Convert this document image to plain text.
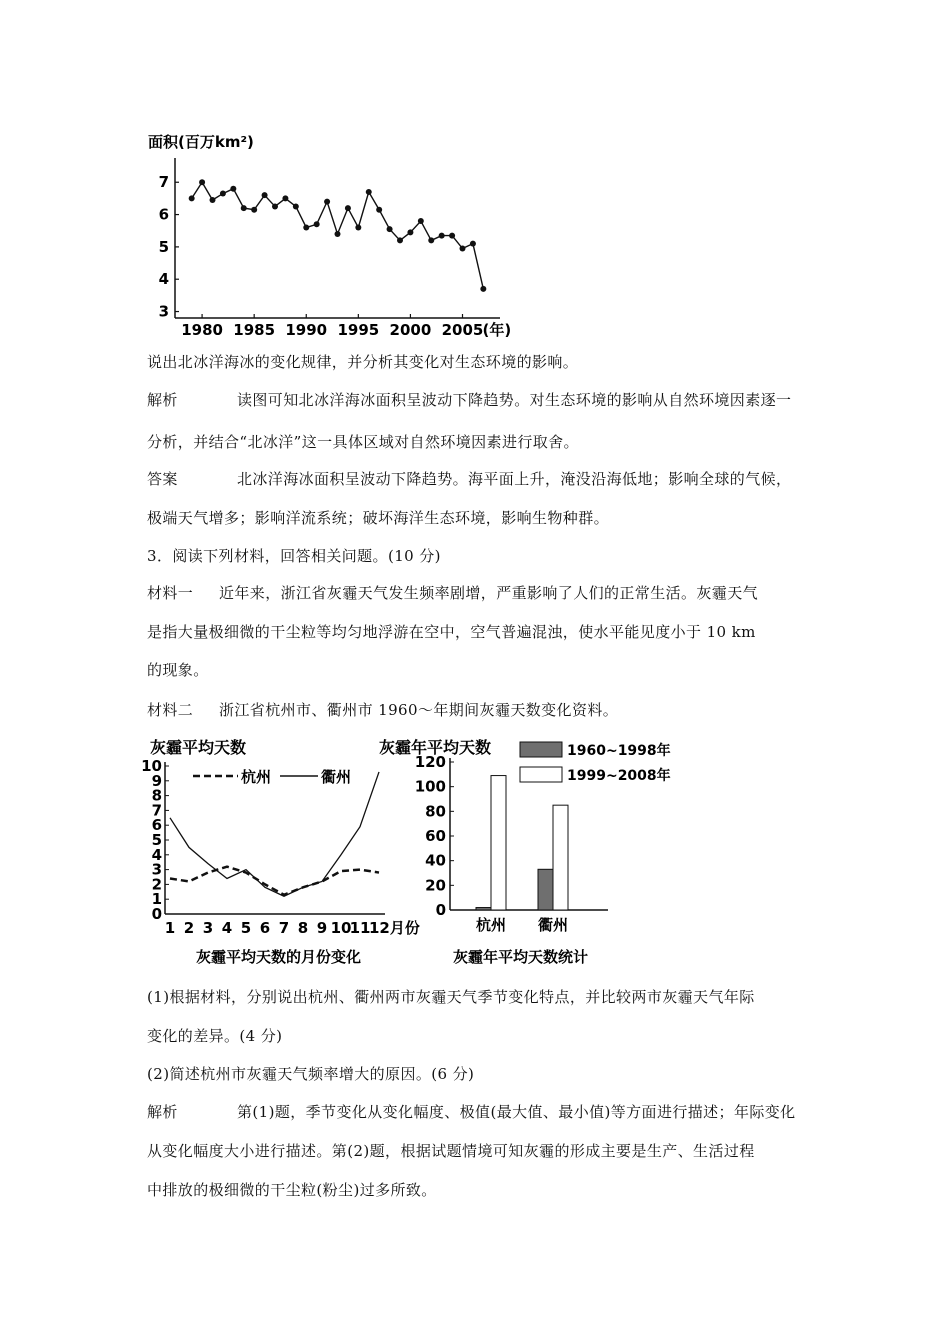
面积(百万km²)
3
4
5
6
7
1980 1985 1990 1995 2000 2005 (年)
灰霾平均天数
杭州	衢州
灰霾平均天数的月份变化
0
1
2
3
4
5
6
7
8
9
10
1 2 3 4 5 6 7 8 9 10
11
12月份
灰霾年平均天数	1960~1998年
1999~2008年
灰霾年平均天数统计
0
20
40
60
80
100
120
杭州 衢州
说出北冰洋海冰的变化规律，并分析其变化对生态环境的影响。
解析	读图可知北冰洋海冰面积呈波动下降趋势。对生态环境的影响从自然环境因素逐一
分析，并结合“北冰洋”这一具体区域对自然环境因素进行取舍。
答案	北冰洋海冰面积呈波动下降趋势。海平面上升，淹没沿海低地；影响全球的气候，
极端天气增多；影响洋流系统；破坏海洋生态环境，影响生物种群。
3．阅读下列材料，回答相关问题。(10 分)
材料一 近年来，浙江省灰霾天气发生频率剧增，严重影响了人们的正常生活。灰霾天气
是指大量极细微的干尘粒等均匀地浮游在空中，空气普遍混浊，使水平能见度小于 10 km
的现象。
材料二 浙江省杭州市、衢州市 1960～年期间灰霾天数变化资料。
(1)根据材料，分别说出杭州、衢州两市灰霾天气季节变化特点，并比较两市灰霾天气年际
变化的差异。(4 分)
(2)简述杭州市灰霾天气频率增大的原因。(6 分)
解析	第(1)题，季节变化从变化幅度、极值(最大值、最小值)等方面进行描述；年际变化
从变化幅度大小进行描述。第(2)题，根据试题情境可知灰霾的形成主要是生产、生活过程
中排放的极细微的干尘粒(粉尘)过多所致。
